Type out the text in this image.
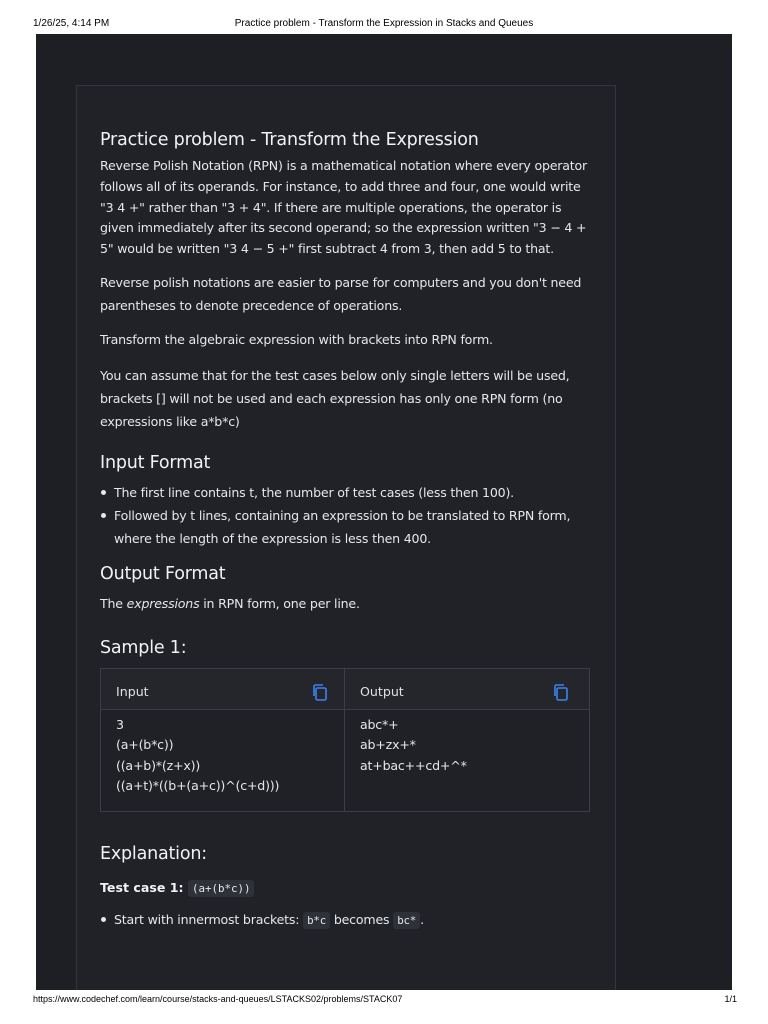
1/26/25, 4:14 PM	Practice problem - Transform the Expression in Stacks and Queues
Practice problem - Transform the Expression

Reverse Polish Notation (RPN) is a mathematical notation where every operator follows all of its operands. For instance, to add three and four, one would write "3 4 +" rather than "3 + 4". If there are multiple operations, the operator is given immediately after its second operand; so the expression written "3 − 4 + 5" would be written "3 4 − 5 +" first subtract 4 from 3, then add 5 to that.

Reverse polish notations are easier to parse for computers and you don't need parentheses to denote precedence of operations.

Transform the algebraic expression with brackets into RPN form.

You can assume that for the test cases below only single letters will be used, brackets [] will not be used and each expression has only one RPN form (no expressions like a*b*c)

Input Format
The first line contains t, the number of test cases (less then 100).
Followed by t lines, containing an expression to be translated to RPN form, where the length of the expression is less then 400.
Output Format

The expressions in RPN form, one per line.

Sample 1:
Input
3
(a+(b*c))
((a+b)*(z+x))
((a+t)*((b+(a+c))^(c+d)))
Output
abc*+
ab+zx+*
at+bac++cd+^*
Explanation:
Test case 1: (a+(b*c))
Start with innermost brackets: b*c becomes bc* .
https://www.codechef.com/learn/course/stacks-and-queues/LSTACKS02/problems/STACK07	1/1
